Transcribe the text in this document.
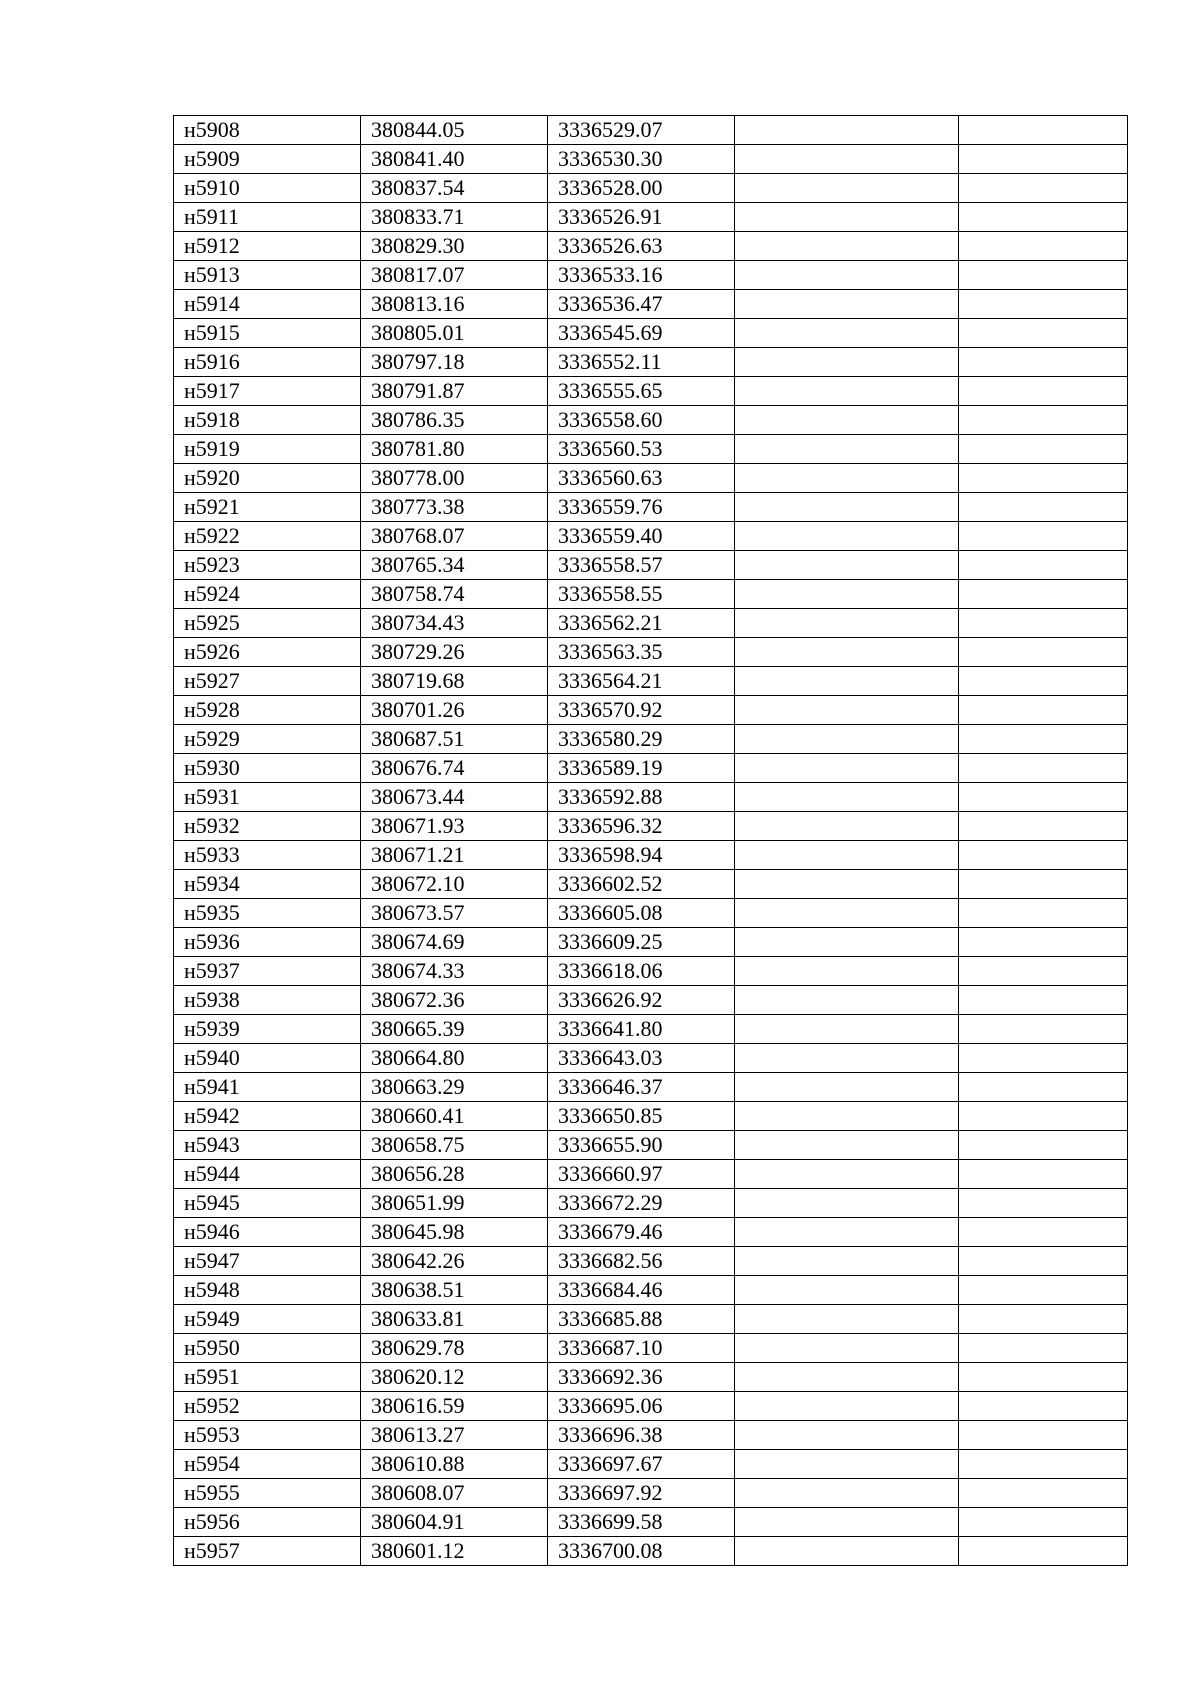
н5908	380844.05	3336529.07		
н5909	380841.40	3336530.30		
н5910	380837.54	3336528.00		
н5911	380833.71	3336526.91		
н5912	380829.30	3336526.63		
н5913	380817.07	3336533.16		
н5914	380813.16	3336536.47		
н5915	380805.01	3336545.69		
н5916	380797.18	3336552.11		
н5917	380791.87	3336555.65		
н5918	380786.35	3336558.60		
н5919	380781.80	3336560.53		
н5920	380778.00	3336560.63		
н5921	380773.38	3336559.76		
н5922	380768.07	3336559.40		
н5923	380765.34	3336558.57		
н5924	380758.74	3336558.55		
н5925	380734.43	3336562.21		
н5926	380729.26	3336563.35		
н5927	380719.68	3336564.21		
н5928	380701.26	3336570.92		
н5929	380687.51	3336580.29		
н5930	380676.74	3336589.19		
н5931	380673.44	3336592.88		
н5932	380671.93	3336596.32		
н5933	380671.21	3336598.94		
н5934	380672.10	3336602.52		
н5935	380673.57	3336605.08		
н5936	380674.69	3336609.25		
н5937	380674.33	3336618.06		
н5938	380672.36	3336626.92		
н5939	380665.39	3336641.80		
н5940	380664.80	3336643.03		
н5941	380663.29	3336646.37		
н5942	380660.41	3336650.85		
н5943	380658.75	3336655.90		
н5944	380656.28	3336660.97		
н5945	380651.99	3336672.29		
н5946	380645.98	3336679.46		
н5947	380642.26	3336682.56		
н5948	380638.51	3336684.46		
н5949	380633.81	3336685.88		
н5950	380629.78	3336687.10		
н5951	380620.12	3336692.36		
н5952	380616.59	3336695.06		
н5953	380613.27	3336696.38		
н5954	380610.88	3336697.67		
н5955	380608.07	3336697.92		
н5956	380604.91	3336699.58		
н5957	380601.12	3336700.08		
